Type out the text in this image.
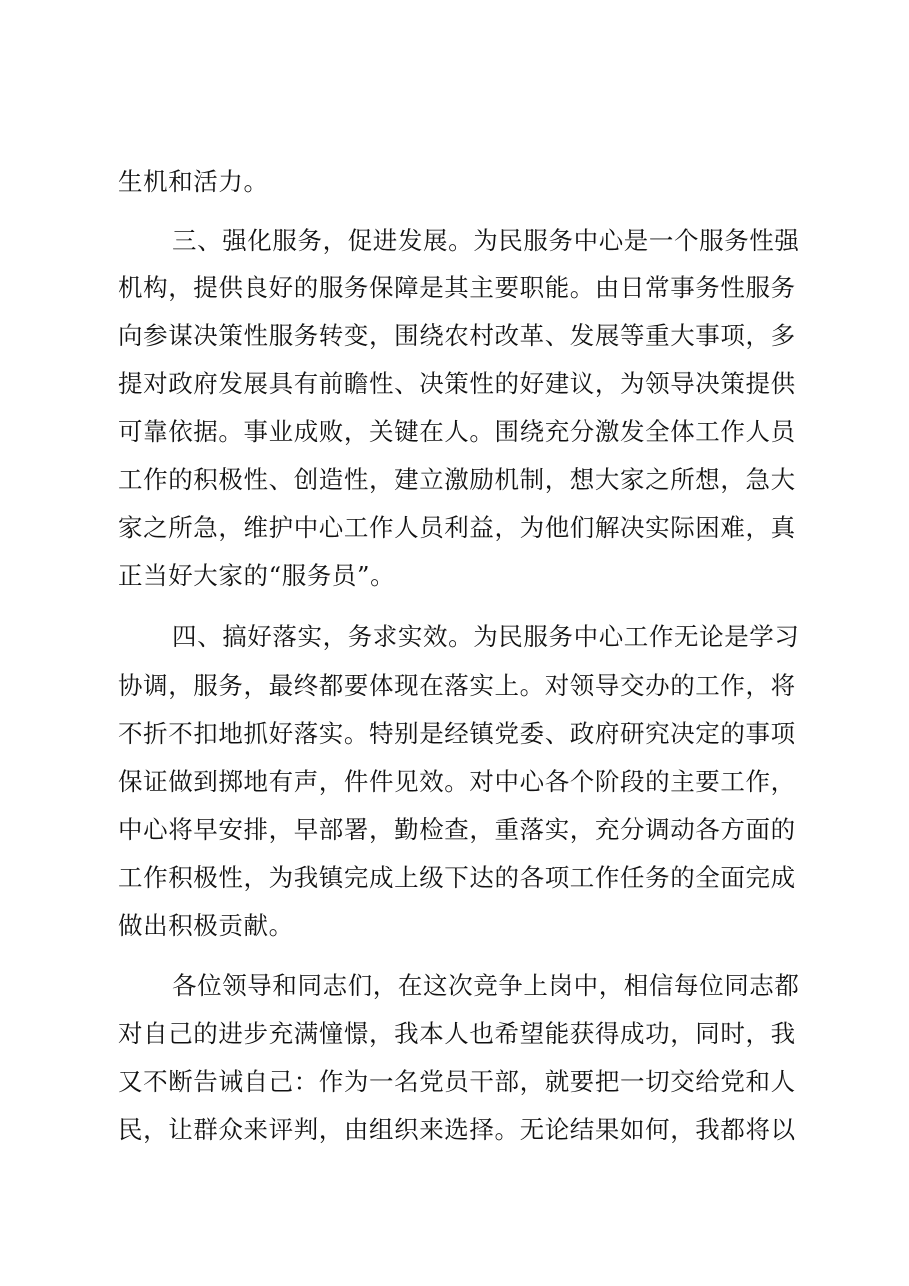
生机和活力。
三、强化服务，促进发展。为民服务中心是一个服务性强
机构，提供良好的服务保障是其主要职能。由日常事务性服务
向参谋决策性服务转变，围绕农村改革、发展等重大事项，多
提对政府发展具有前瞻性、决策性的好建议，为领导决策提供
可靠依据。事业成败，关键在人。围绕充分激发全体工作人员
工作的积极性、创造性，建立激励机制，想大家之所想，急大
家之所急，维护中心工作人员利益，为他们解决实际困难，真
正当好大家的“服务员”。
四、搞好落实，务求实效。为民服务中心工作无论是学习
协调，服务，最终都要体现在落实上。对领导交办的工作，将
不折不扣地抓好落实。特别是经镇党委、政府研究决定的事项
保证做到掷地有声，件件见效。对中心各个阶段的主要工作，
中心将早安排，早部署，勤检查，重落实，充分调动各方面的
工作积极性，为我镇完成上级下达的各项工作任务的全面完成
做出积极贡献。
各位领导和同志们，在这次竞争上岗中，相信每位同志都
对自己的进步充满憧憬，我本人也希望能获得成功，同时，我
又不断告诫自己：作为一名党员干部，就要把一切交给党和人
民，让群众来评判，由组织来选择。无论结果如何，我都将以
